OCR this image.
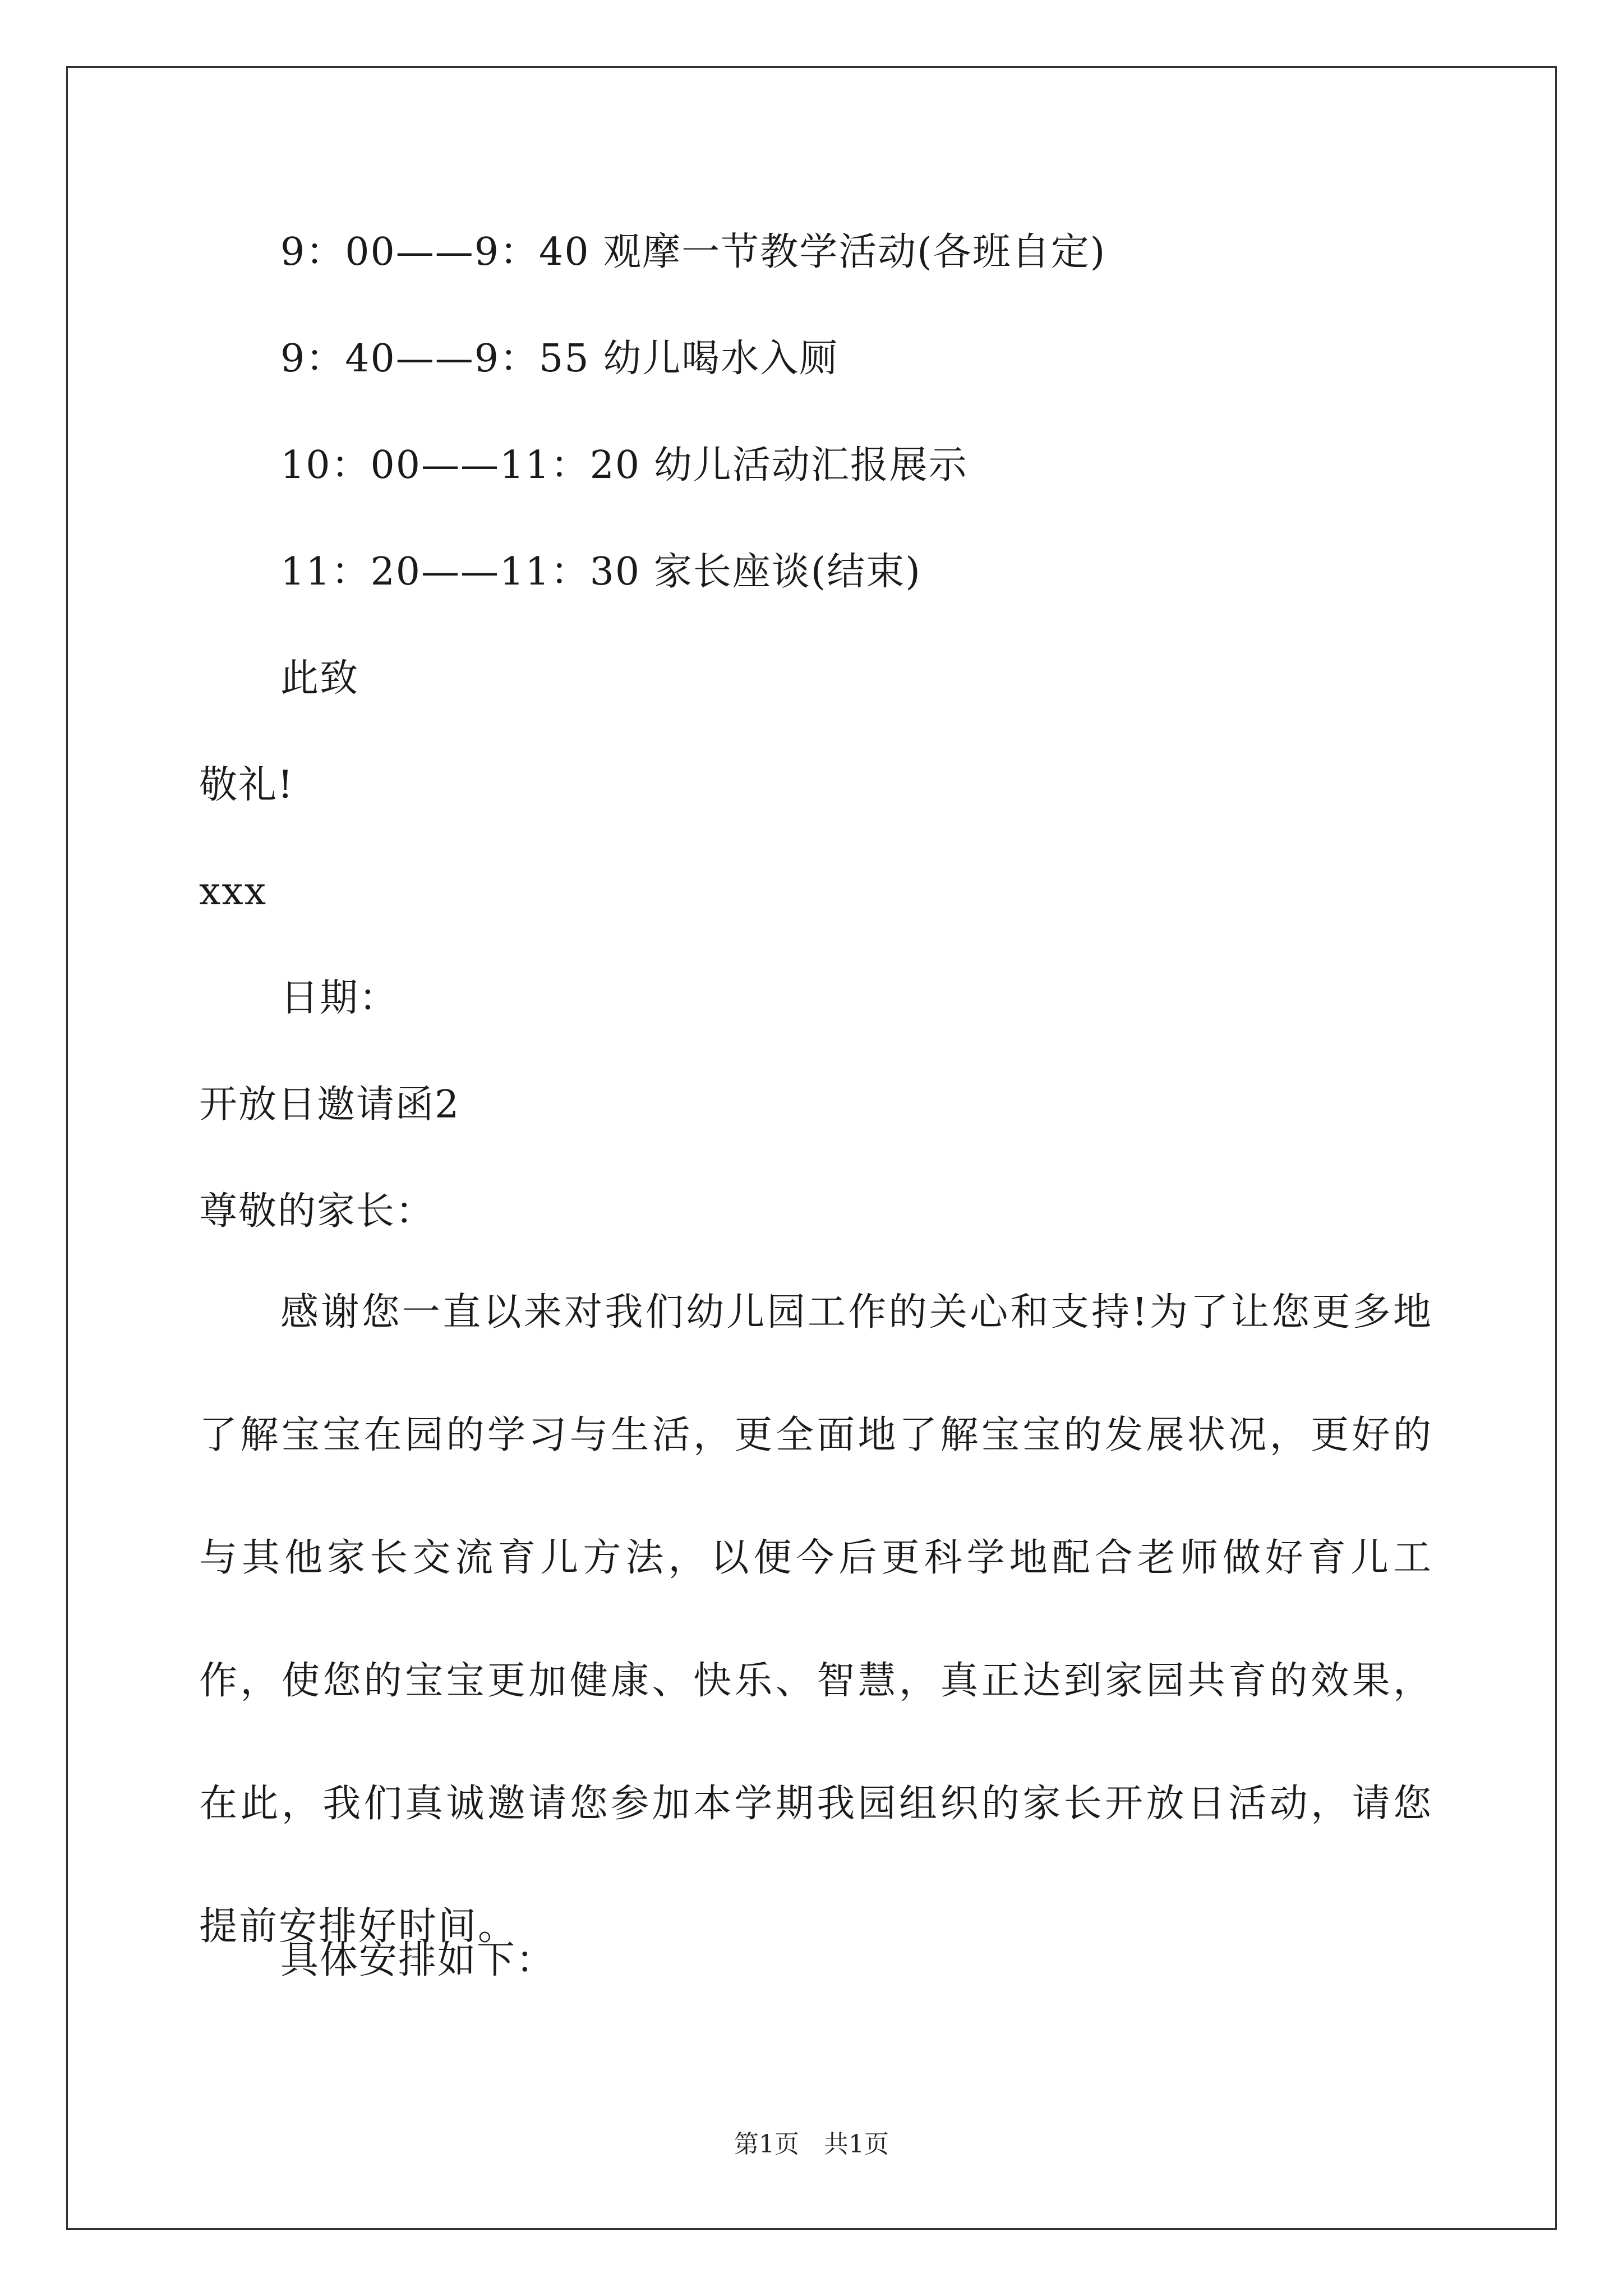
9：00——9：40 观摩一节教学活动(各班自定)
9：40——9：55 幼儿喝水入厕
10：00——11：20 幼儿活动汇报展示
11：20——11：30 家长座谈(结束)
此致
敬礼!
xxx
日期：
开放日邀请函2
尊敬的家长：
感谢您一直以来对我们幼儿园工作的关心和支持!为了让您更多地了解宝宝在园的学习与生活，更全面地了解宝宝的发展状况，更好的与其他家长交流育儿方法，以便今后更科学地配合老师做好育儿工作，使您的宝宝更加健康、快乐、智慧，真正达到家园共育的效果，在此，我们真诚邀请您参加本学期我园组织的家长开放日活动，请您提前安排好时间。
具体安排如下：
第1页　共1页
